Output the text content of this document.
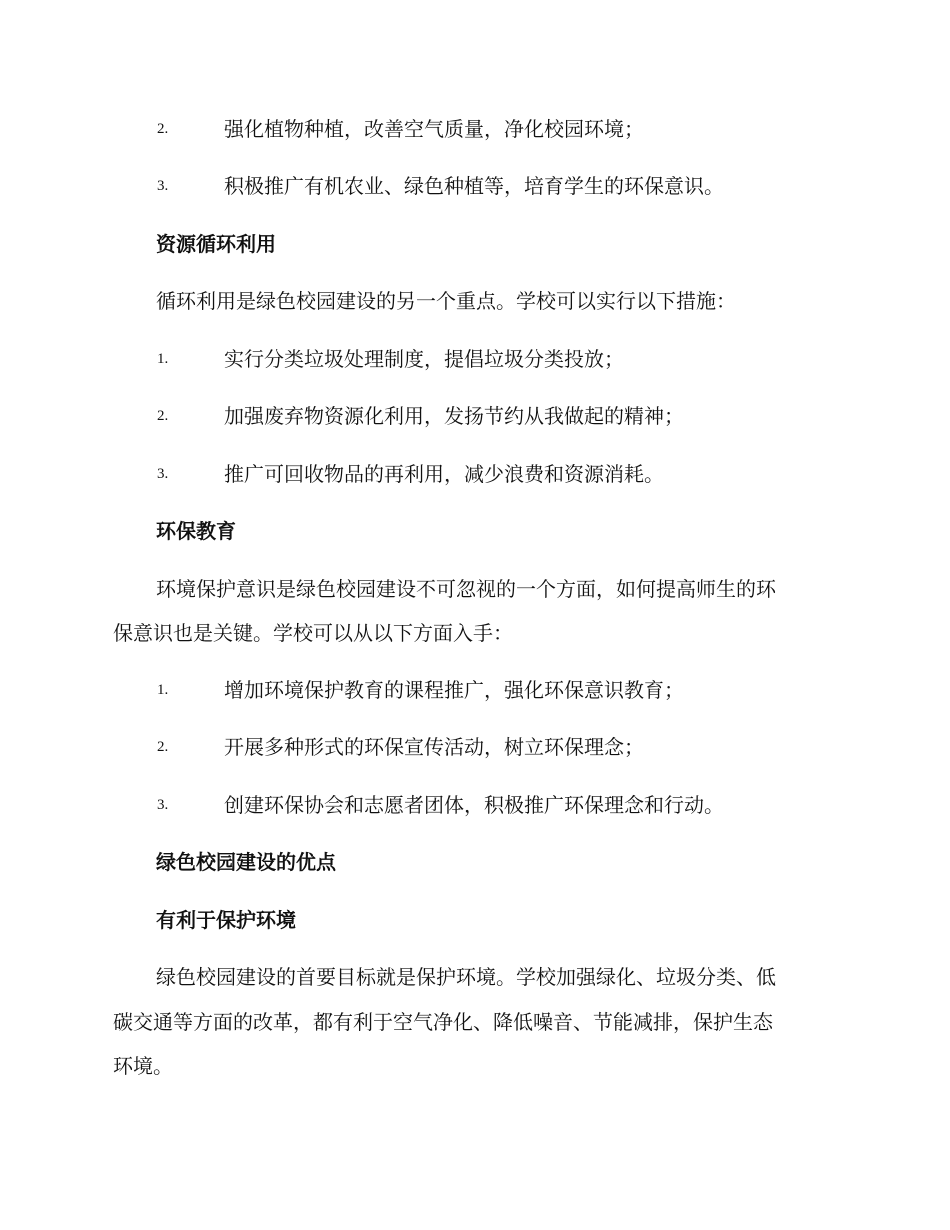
2.	强化植物种植，改善空气质量，净化校园环境；
3.	积极推广有机农业、绿色种植等，培育学生的环保意识。
资源循环利用
循环利用是绿色校园建设的另一个重点。学校可以实行以下措施：
1.	实行分类垃圾处理制度，提倡垃圾分类投放；
2.	加强废弃物资源化利用，发扬节约从我做起的精神；
3.	推广可回收物品的再利用，减少浪费和资源消耗。
环保教育
环境保护意识是绿色校园建设不可忽视的一个方面，如何提高师生的环
保意识也是关键。学校可以从以下方面入手：
1.	增加环境保护教育的课程推广，强化环保意识教育；
2.	开展多种形式的环保宣传活动，树立环保理念；
3.	创建环保协会和志愿者团体，积极推广环保理念和行动。
绿色校园建设的优点
有利于保护环境
绿色校园建设的首要目标就是保护环境。学校加强绿化、垃圾分类、低
碳交通等方面的改革，都有利于空气净化、降低噪音、节能减排，保护生态
环境。
